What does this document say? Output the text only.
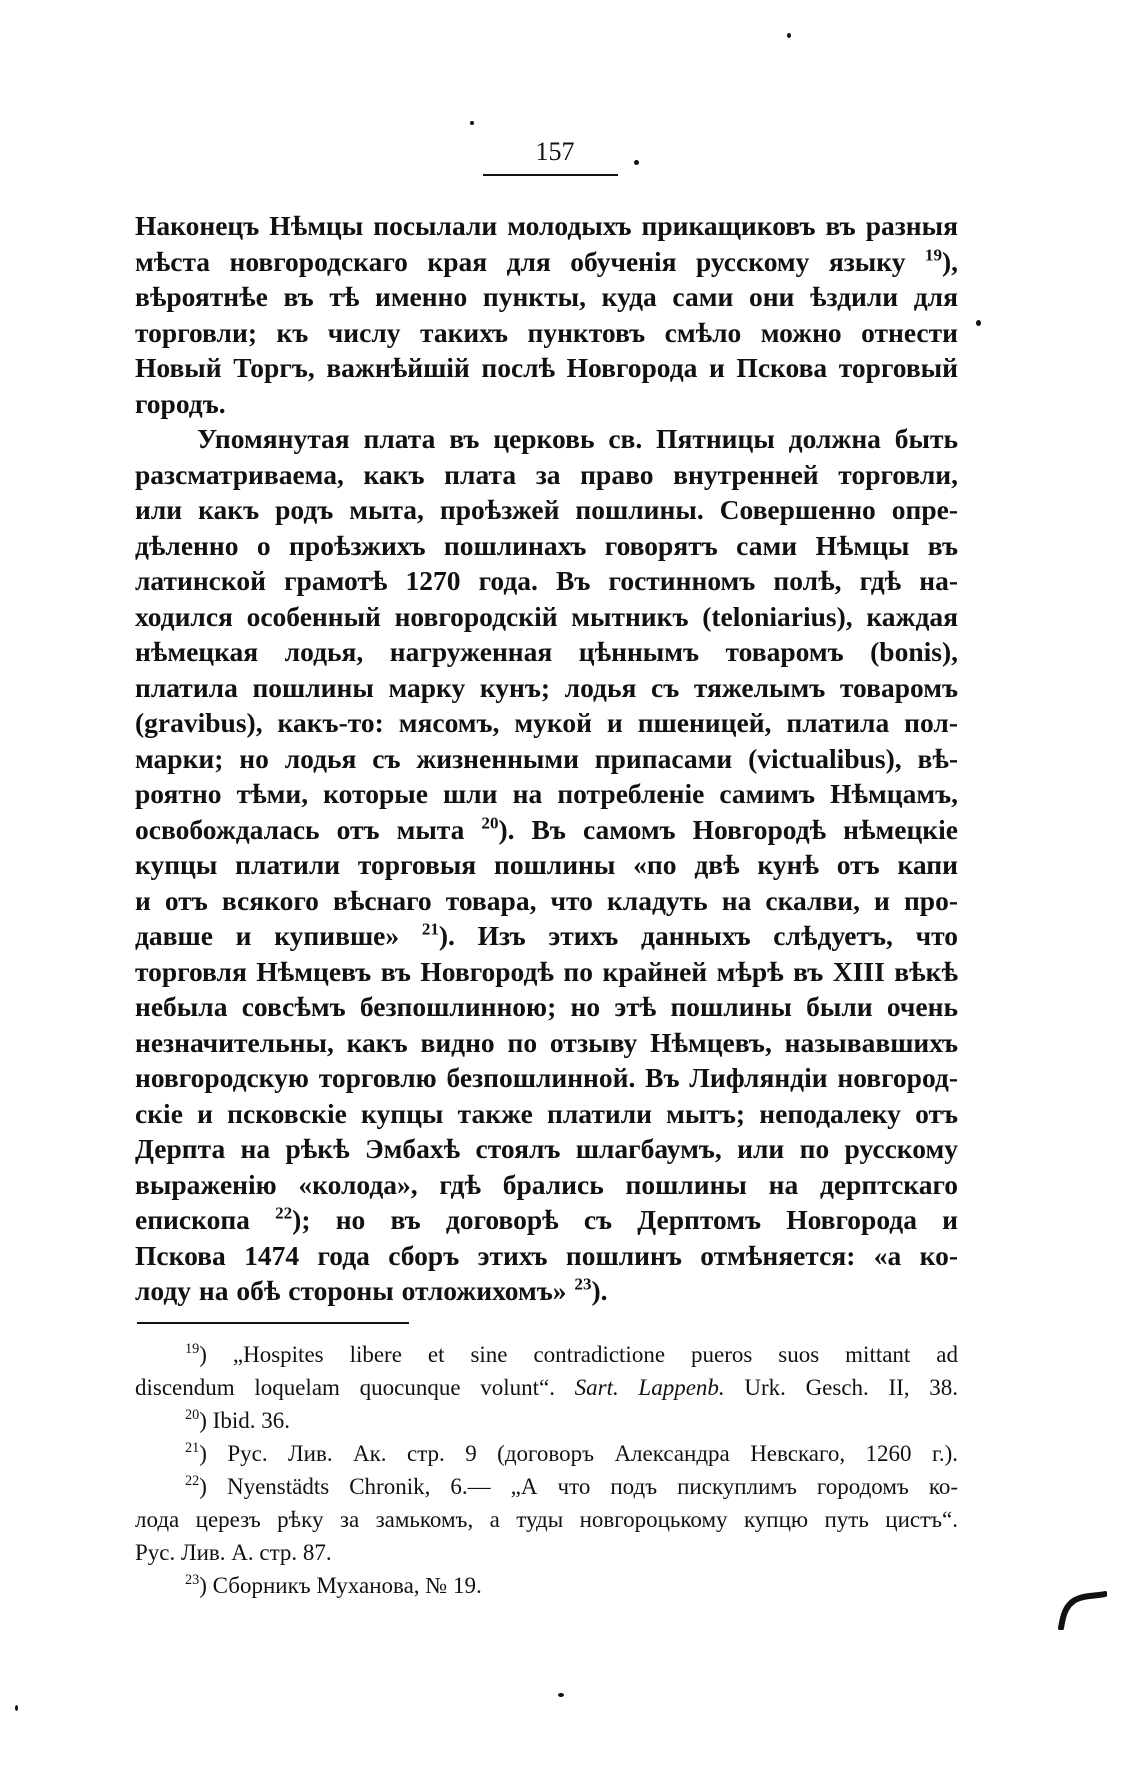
157
Наконецъ Нѣмцы посылали молодыхъ прикащиковъ въ разныя
мѣста новгородскаго края для обученія русскому языку $^{19}$),
вѣроятнѣе въ тѣ именно пункты, куда сами они ѣздили для
торговли; къ числу такихъ пунктовъ смѣло можно отнести
Новый Торгъ, важнѣйшій послѣ Новгорода и Пскова торговый
городъ.
Упомянутая плата въ церковь св. Пятницы должна быть
разсматриваема, какъ плата за право внутренней торговли,
или какъ родъ мыта, проѣзжей пошлины. Совершенно опре-
дѣленно о проѣзжихъ пошлинахъ говорятъ сами Нѣмцы въ
латинской грамотѣ 1270 года. Въ гостинномъ полѣ, гдѣ на-
ходился особенный новгородскій мытникъ (teloniarius), каждая
нѣмецкая лодья, нагруженная цѣннымъ товаромъ (bonis),
платила пошлины марку кунъ; лодья съ тяжелымъ товаромъ
(gravibus), какъ-то: мясомъ, мукой и пшеницей, платила пол-
марки; но лодья съ жизненными припасами (victualibus), вѣ-
роятно тѣми, которые шли на потребленіе самимъ Нѣмцамъ,
освобождалась отъ мыта $^{20}$). Въ самомъ Новгородѣ нѣмецкіе
купцы платили торговыя пошлины «по двѣ кунѣ отъ капи
и отъ всякого вѣснаго товара, что кладуть на скалви, и про-
давше и купивше» $^{21}$). Изъ этихъ данныхъ слѣдуетъ, что
торговля Нѣмцевъ въ Новгородѣ по крайней мѣрѣ въ XIII вѣкѣ
небыла совсѣмъ безпошлинною; но этѣ пошлины были очень
незначительны, какъ видно по отзыву Нѣмцевъ, называвшихъ
новгородскую торговлю безпошлинной. Въ Лифляндіи новгород-
скіе и псковскіе купцы также платили мытъ; неподалеку отъ
Дерпта на рѣкѣ Эмбахѣ стоялъ шлагбаумъ, или по русскому
выраженію «колода», гдѣ брались пошлины на дерптскаго
епископа $^{22}$); но въ договорѣ съ Дерптомъ Новгорода и
Пскова 1474 года сборъ этихъ пошлинъ отмѣняется: «а ко-
лоду на обѣ стороны отложихомъ» $^{23}$).
$^{19}$) „Hospites libere et sine contradictione pueros suos mittant ad
discendum loquelam quocunque volunt“. Sart. Lappenb. Urk. Gesch. II, 38.
$^{20}$) Ibid. 36.
$^{21}$) Рус. Лив. Ак. стр. 9 (договоръ Александра Невскаго, 1260 г.).
$^{22}$) Nyenstädts Chronik, 6.— „А что подъ пискуплимъ городомъ ко-
лода церезъ рѣку за замькомъ, а туды новгороцькому купцю путь цистъ“.
Рус. Лив. А. стр. 87.
$^{23}$) Сборникъ Муханова, № 19.
